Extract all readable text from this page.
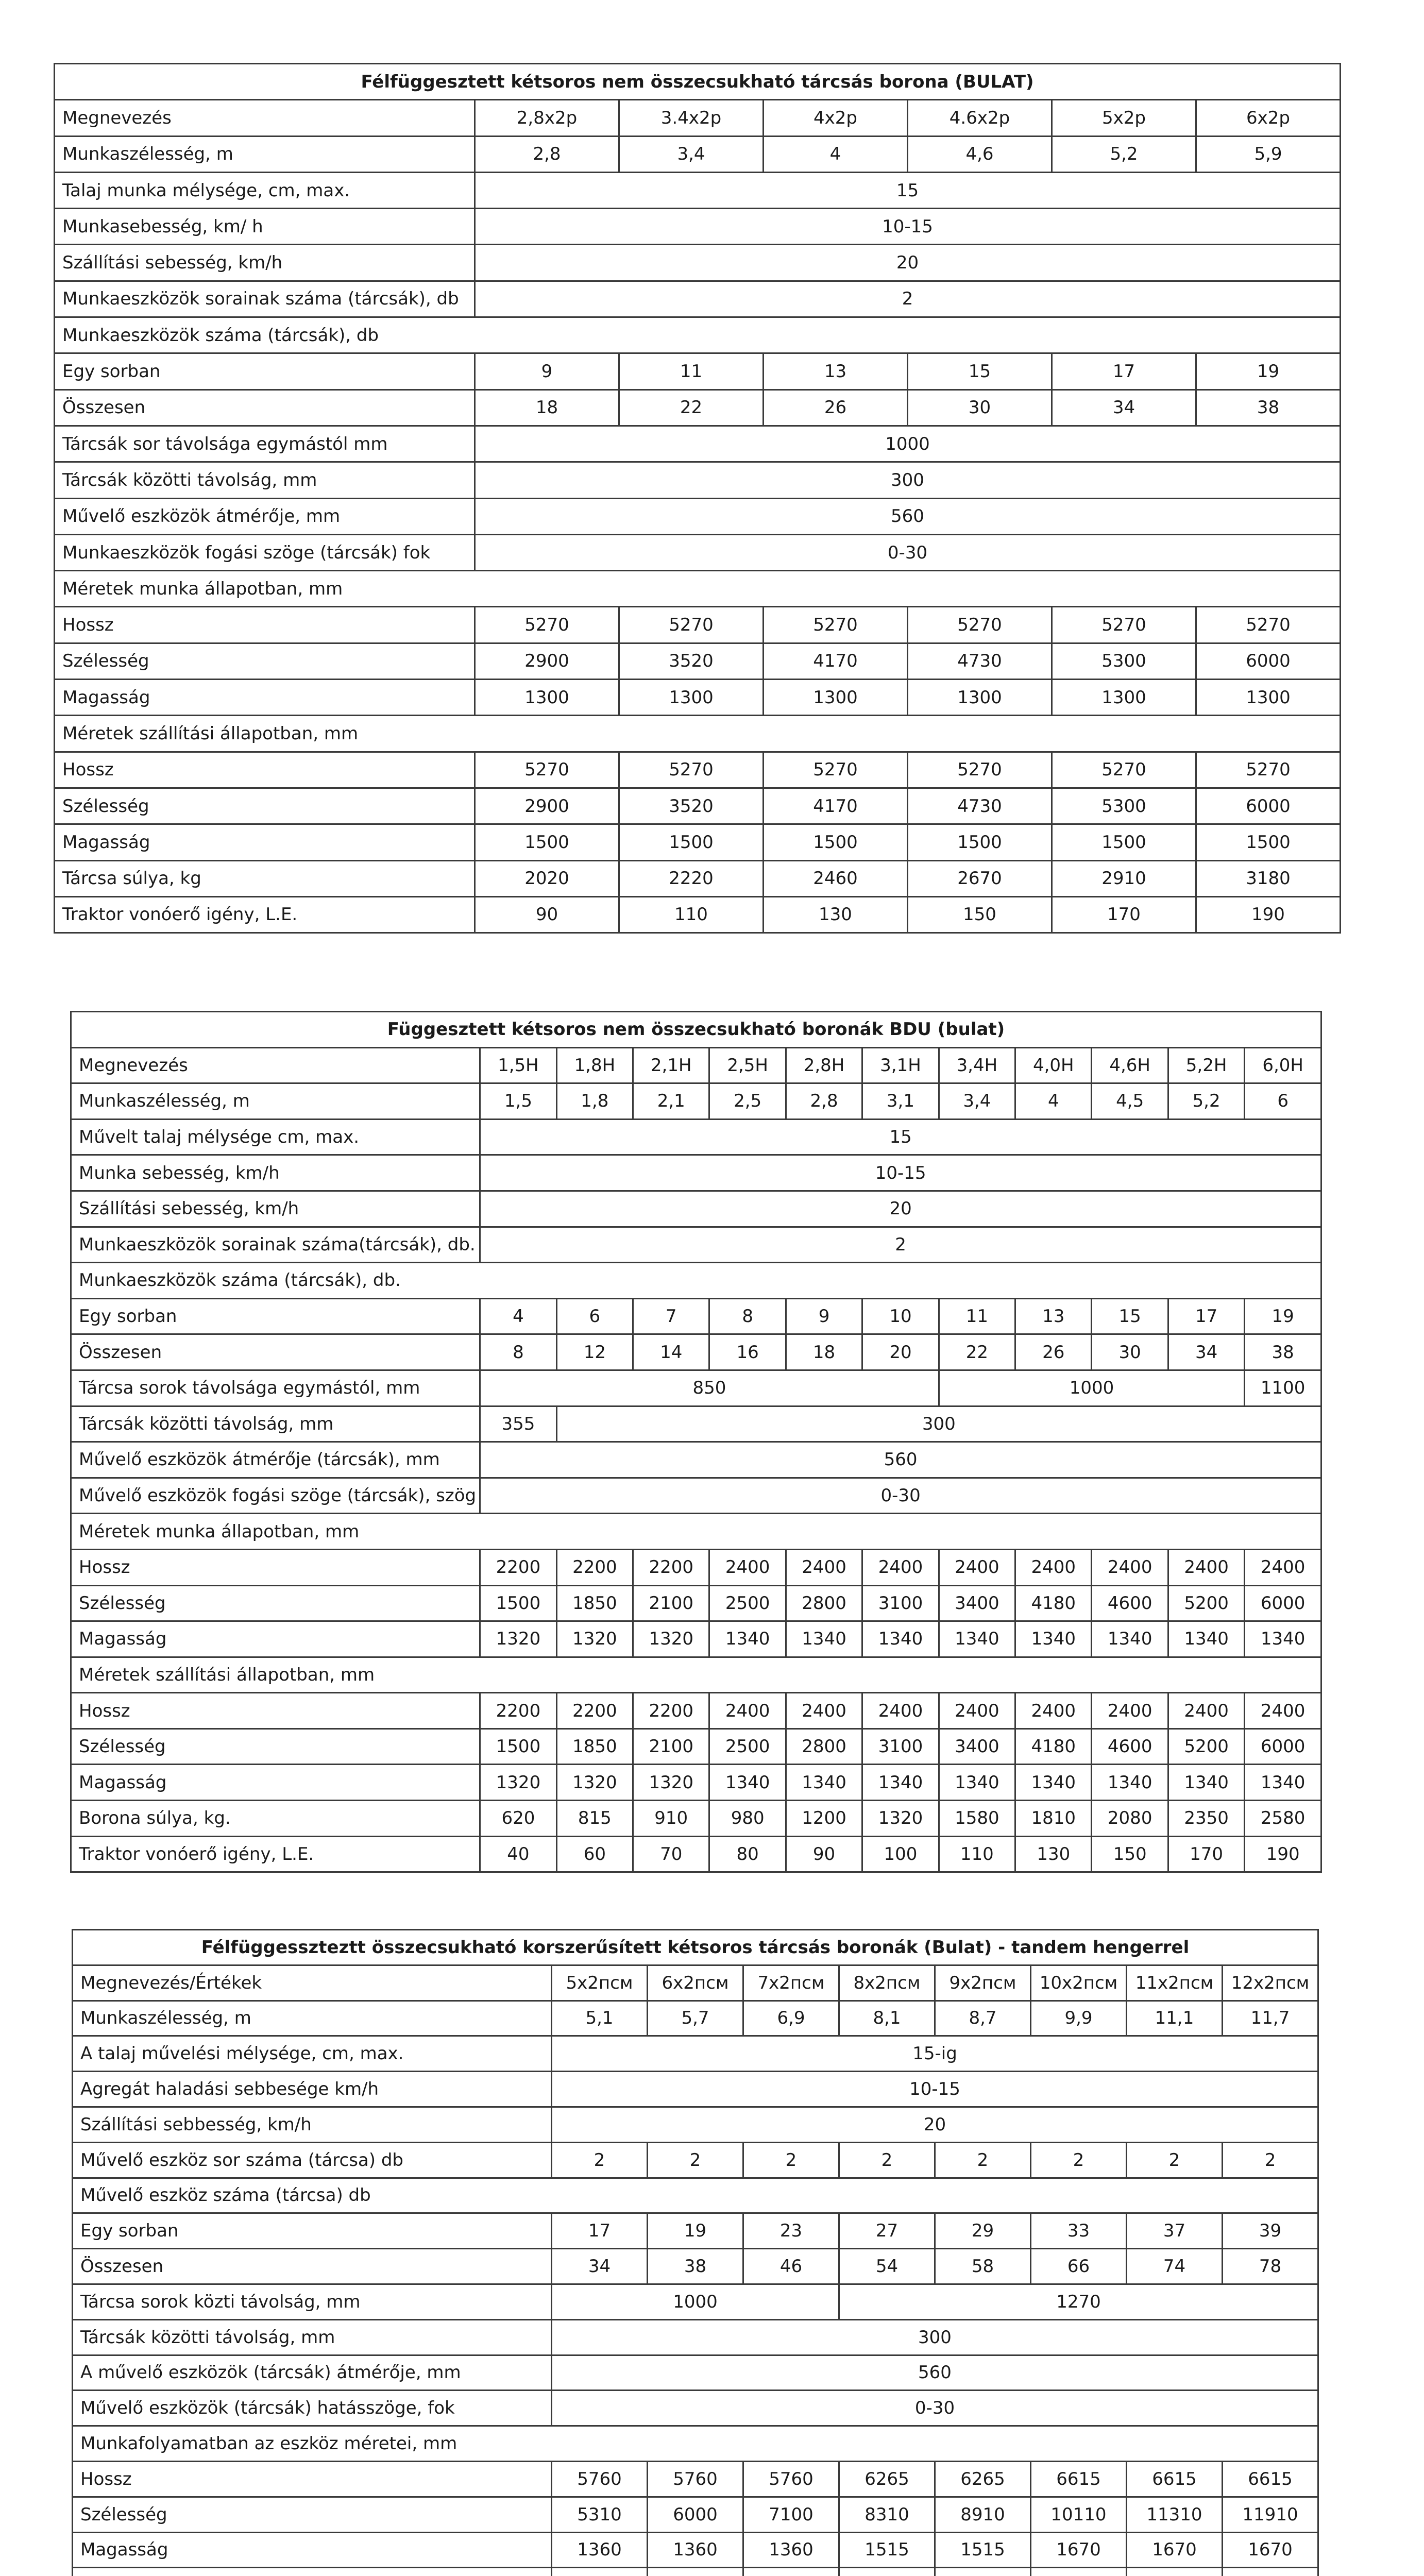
Félfüggesztett kétsoros nem összecsukható tárcsás borona (BULAT)						
Megnevezés	2,8x2p	3.4x2p	4x2p	4.6x2p	5x2p	6x2p
Munkaszélesség, m	2,8	3,4	4	4,6	5,2	5,9
Talaj munka mélysége, cm, max.	15					
Munkasebesség, km/ h	10-15					
Szállítási sebesség, km/h	20					
Munkaeszközök sorainak száma (tárcsák), db	2					
Munkaeszközök száma (tárcsák), db						
Egy sorban	9	11	13	15	17	19
Összesen	18	22	26	30	34	38
Tárcsák sor távolsága egymástól mm	1000					
Tárcsák közötti távolság, mm	300					
Művelő eszközök átmérője, mm	560					
Munkaeszközök fogási szöge (tárcsák) fok	0-30					
Méretek munka állapotban, mm						
Hossz	5270	5270	5270	5270	5270	5270
Szélesség	2900	3520	4170	4730	5300	6000
Magasság	1300	1300	1300	1300	1300	1300
Méretek szállítási állapotban, mm						
Hossz	5270	5270	5270	5270	5270	5270
Szélesség	2900	3520	4170	4730	5300	6000
Magasság	1500	1500	1500	1500	1500	1500
Tárcsa súlya, kg	2020	2220	2460	2670	2910	3180
Traktor vonóerő igény, L.E.	90	110	130	150	170	190
Függesztett kétsoros nem összecsukható boronák BDU (bulat)											
Megnevezés	1,5H	1,8H	2,1H	2,5H	2,8H	3,1H	3,4H	4,0H	4,6H	5,2H	6,0H
Munkaszélesség, m	1,5	1,8	2,1	2,5	2,8	3,1	3,4	4	4,5	5,2	6
Művelt talaj mélysége cm, max.	15										
Munka sebesség, km/h	10-15										
Szállítási sebesség, km/h	20										
Munkaeszközök sorainak száma(tárcsák), db.	2										
Munkaeszközök száma (tárcsák), db.											
Egy sorban	4	6	7	8	9	10	11	13	15	17	19
Összesen	8	12	14	16	18	20	22	26	30	34	38
Tárcsa sorok távolsága egymástól, mm	850						1000				1100
Tárcsák közötti távolság, mm	355	300									
Művelő eszközök átmérője (tárcsák), mm	560										
Művelő eszközök fogási szöge (tárcsák), szög	0-30										
Méretek munka állapotban, mm											
Hossz	2200	2200	2200	2400	2400	2400	2400	2400	2400	2400	2400
Szélesség	1500	1850	2100	2500	2800	3100	3400	4180	4600	5200	6000
Magasság	1320	1320	1320	1340	1340	1340	1340	1340	1340	1340	1340
Méretek szállítási állapotban, mm											
Hossz	2200	2200	2200	2400	2400	2400	2400	2400	2400	2400	2400
Szélesség	1500	1850	2100	2500	2800	3100	3400	4180	4600	5200	6000
Magasság	1320	1320	1320	1340	1340	1340	1340	1340	1340	1340	1340
Borona súlya, kg.	620	815	910	980	1200	1320	1580	1810	2080	2350	2580
Traktor vonóerő igény, L.E.	40	60	70	80	90	100	110	130	150	170	190
Félfüggesszteztt összecsukható korszerűsített kétsoros tárcsás boronák (Bulat) - tandem hengerrel								
Megnevezés/Értékek	5x2пcм	6x2пcм	7x2пcм	8x2пcм	9x2пcм	10x2пcм	11x2пcм	12x2пcм
Munkaszélesség, m	5,1	5,7	6,9	8,1	8,7	9,9	11,1	11,7
A talaj művelési mélysége, cm, max.	15-ig							
Agregát haladási sebbesége km/h	10-15							
Szállítási sebbesség, km/h	20							
Művelő eszköz sor száma (tárcsa) db	2	2	2	2	2	2	2	2
Művelő eszköz száma (tárcsa) db								
Egy sorban	17	19	23	27	29	33	37	39
Összesen	34	38	46	54	58	66	74	78
Tárcsa sorok közti távolság, mm	1000			1270				
Tárcsák közötti távolság, mm	300							
A művelő eszközök (tárcsák) átmérője, mm	560							
Művelő eszközök (tárcsák) hatásszöge, fok	0-30							
Munkafolyamatban az eszköz méretei, mm								
Hossz	5760	5760	5760	6265	6265	6615	6615	6615
Szélesség	5310	6000	7100	8310	8910	10110	11310	11910
Magasság	1360	1360	1360	1515	1515	1670	1670	1670
